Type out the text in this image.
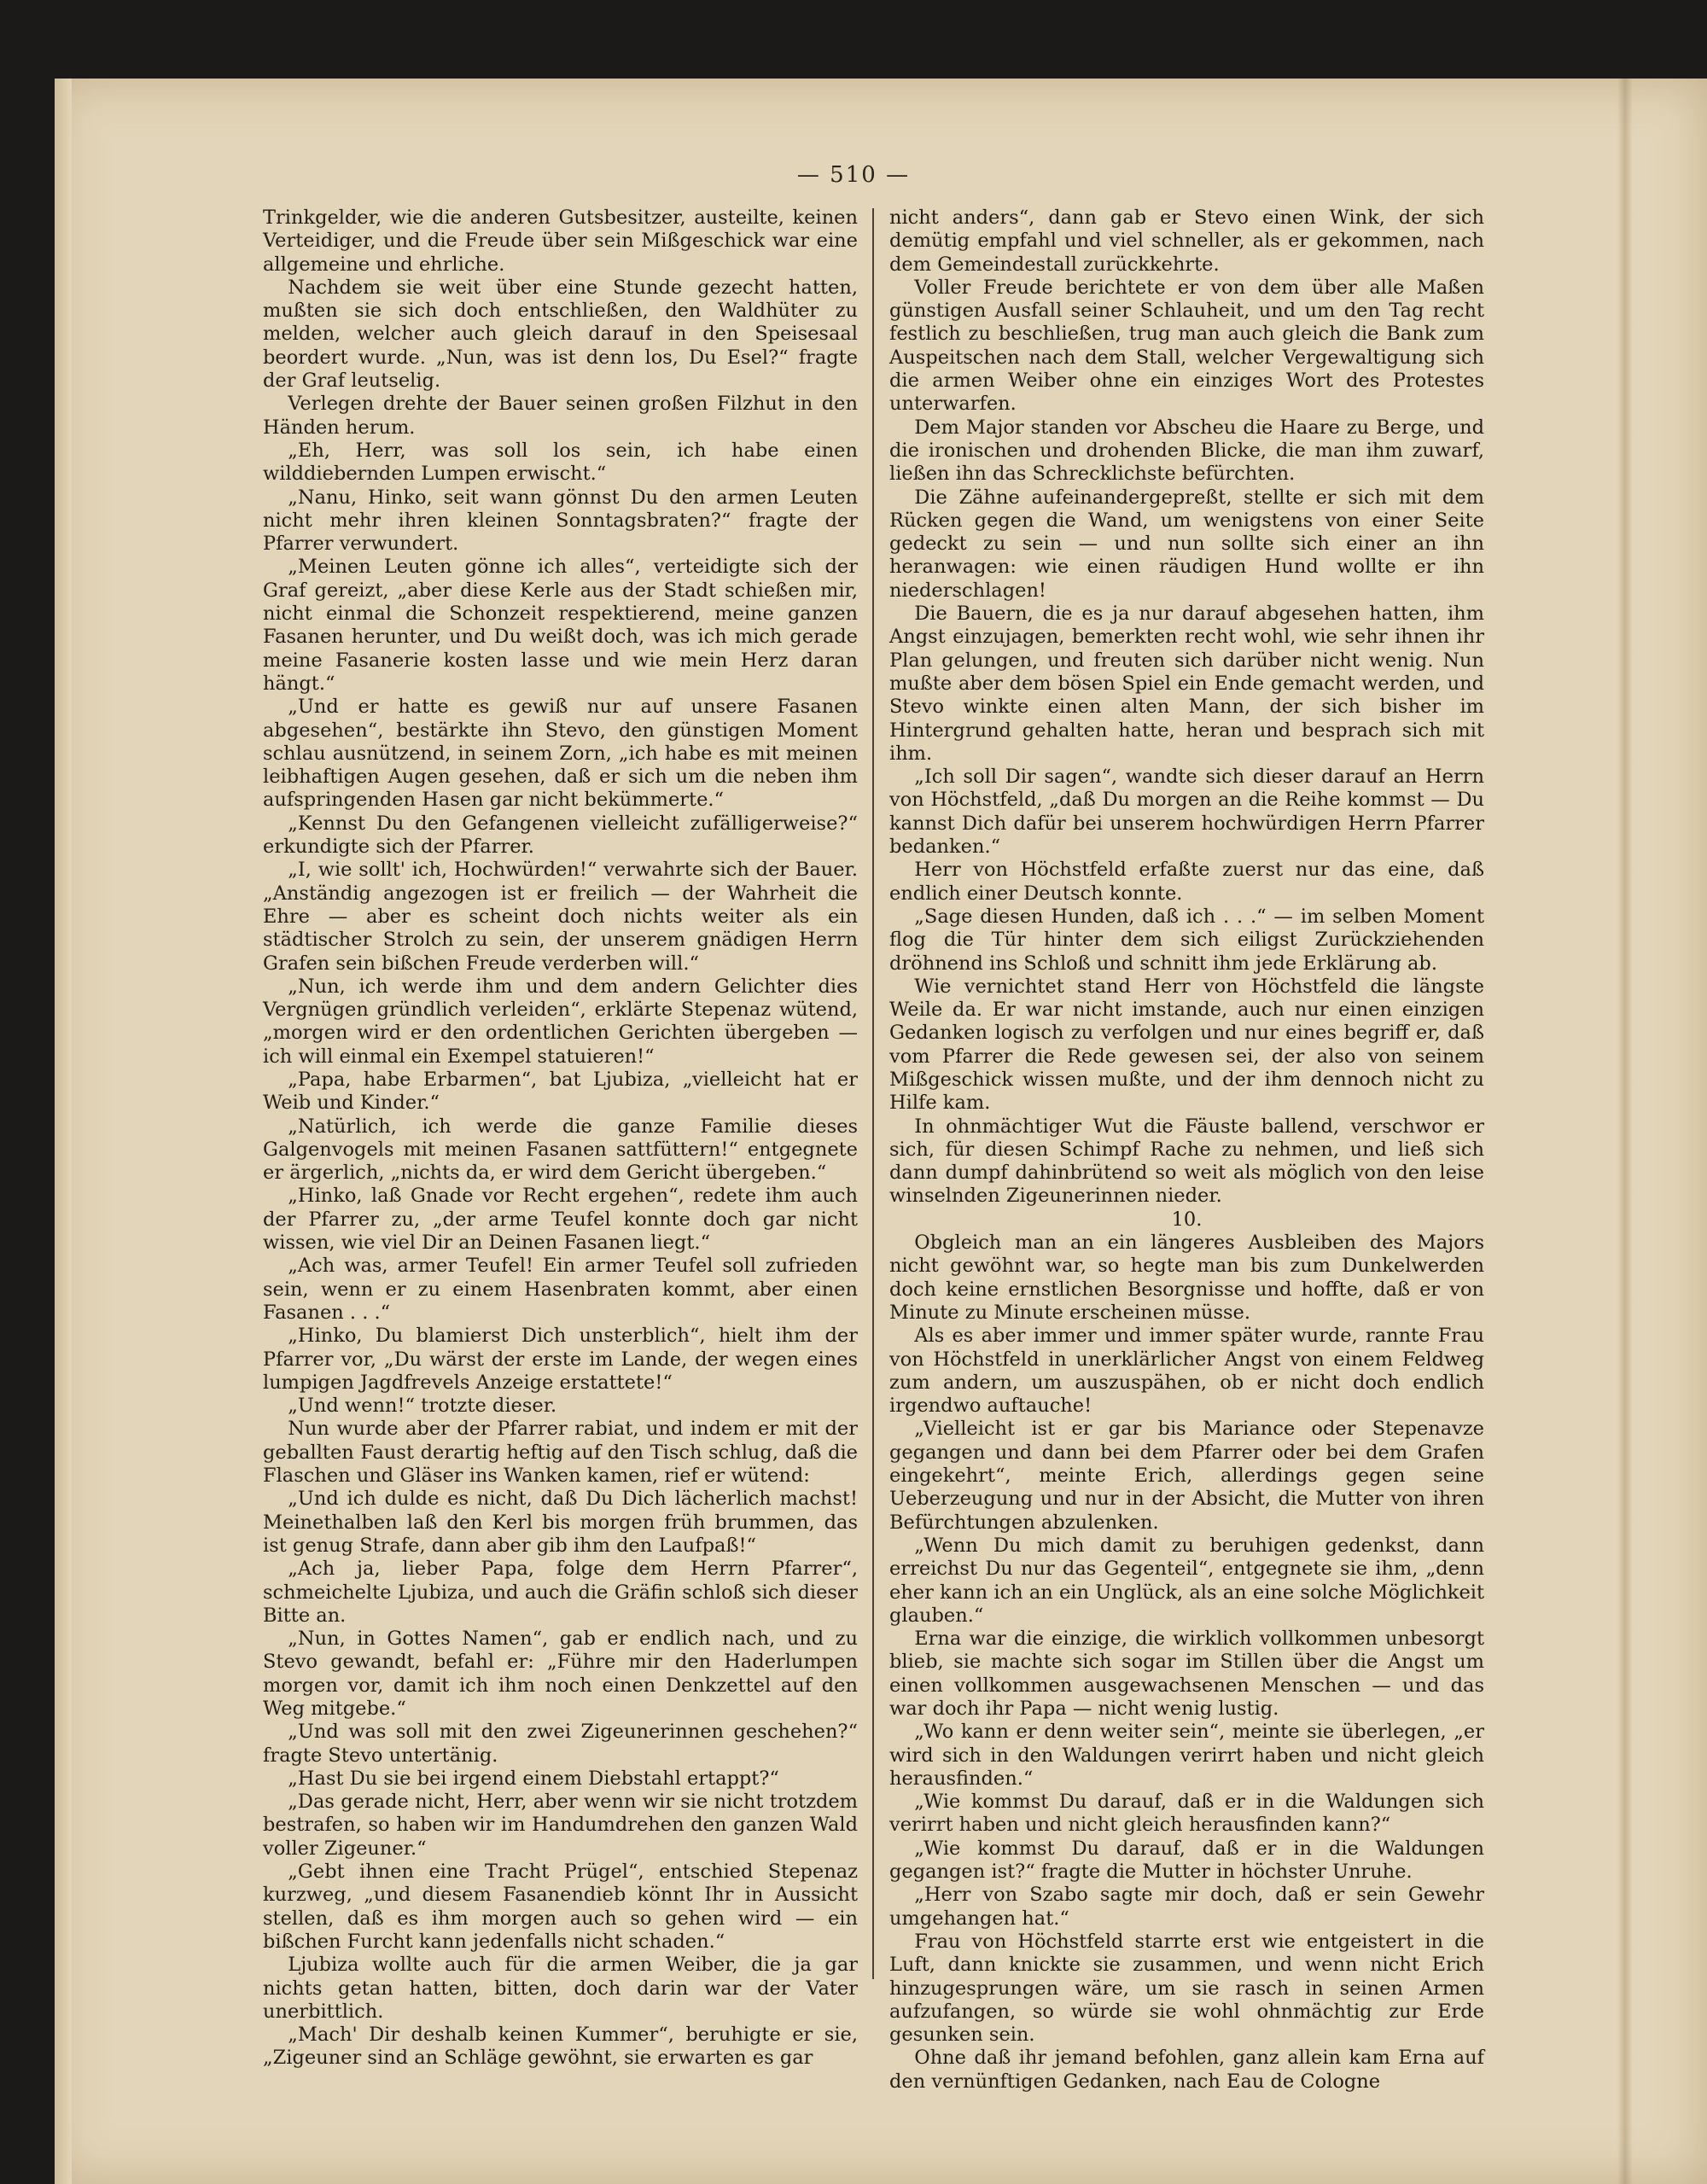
— 510 —

Trinkgelder, wie die anderen Gutsbesitzer, austeilte, keinen Verteidiger, und die Freude über sein Mißgeschick war eine allgemeine und ehrliche.

Nachdem sie weit über eine Stunde gezecht hatten, mußten sie sich doch entschließen, den Waldhüter zu melden, welcher auch gleich darauf in den Speisesaal beordert wurde. „Nun, was ist denn los, Du Esel?“ fragte der Graf leutselig.

Verlegen drehte der Bauer seinen großen Filzhut in den Händen herum.

„Eh, Herr, was soll los sein, ich habe einen wilddiebernden Lumpen erwischt.“

„Nanu, Hinko, seit wann gönnst Du den armen Leuten nicht mehr ihren kleinen Sonntagsbraten?“ fragte der Pfarrer verwundert.

„Meinen Leuten gönne ich alles“, verteidigte sich der Graf gereizt, „aber diese Kerle aus der Stadt schießen mir, nicht einmal die Schonzeit respektierend, meine ganzen Fasanen herunter, und Du weißt doch, was ich mich gerade meine Fasanerie kosten lasse und wie mein Herz daran hängt.“

„Und er hatte es gewiß nur auf unsere Fasanen abgesehen“, bestärkte ihn Stevo, den günstigen Moment schlau ausnützend, in seinem Zorn, „ich habe es mit meinen leibhaftigen Augen gesehen, daß er sich um die neben ihm aufspringenden Hasen gar nicht bekümmerte.“

„Kennst Du den Gefangenen vielleicht zufälligerweise?“ erkundigte sich der Pfarrer.

„I, wie sollt' ich, Hochwürden!“ verwahrte sich der Bauer. „Anständig angezogen ist er freilich — der Wahrheit die Ehre — aber es scheint doch nichts weiter als ein städtischer Strolch zu sein, der unserem gnädigen Herrn Grafen sein bißchen Freude verderben will.“

„Nun, ich werde ihm und dem andern Gelichter dies Vergnügen gründlich verleiden“, erklärte Stepenaz wütend, „morgen wird er den ordentlichen Gerichten übergeben — ich will einmal ein Exempel statuieren!“

„Papa, habe Erbarmen“, bat Ljubiza, „vielleicht hat er Weib und Kinder.“

„Natürlich, ich werde die ganze Familie dieses Galgenvogels mit meinen Fasanen sattfüttern!“ entgegnete er ärgerlich, „nichts da, er wird dem Gericht übergeben.“

„Hinko, laß Gnade vor Recht ergehen“, redete ihm auch der Pfarrer zu, „der arme Teufel konnte doch gar nicht wissen, wie viel Dir an Deinen Fasanen liegt.“

„Ach was, armer Teufel! Ein armer Teufel soll zufrieden sein, wenn er zu einem Hasenbraten kommt, aber einen Fasanen . . .“

„Hinko, Du blamierst Dich unsterblich“, hielt ihm der Pfarrer vor, „Du wärst der erste im Lande, der wegen eines lumpigen Jagdfrevels Anzeige erstattete!“

„Und wenn!“ trotzte dieser.

Nun wurde aber der Pfarrer rabiat, und indem er mit der geballten Faust derartig heftig auf den Tisch schlug, daß die Flaschen und Gläser ins Wanken kamen, rief er wütend:

„Und ich dulde es nicht, daß Du Dich lächerlich machst! Meinethalben laß den Kerl bis morgen früh brummen, das ist genug Strafe, dann aber gib ihm den Laufpaß!“

„Ach ja, lieber Papa, folge dem Herrn Pfarrer“, schmeichelte Ljubiza, und auch die Gräfin schloß sich dieser Bitte an.

„Nun, in Gottes Namen“, gab er endlich nach, und zu Stevo gewandt, befahl er: „Führe mir den Haderlumpen morgen vor, damit ich ihm noch einen Denkzettel auf den Weg mitgebe.“

„Und was soll mit den zwei Zigeunerinnen geschehen?“ fragte Stevo untertänig.

„Hast Du sie bei irgend einem Diebstahl ertappt?“

„Das gerade nicht, Herr, aber wenn wir sie nicht trotzdem bestrafen, so haben wir im Handumdrehen den ganzen Wald voller Zigeuner.“

„Gebt ihnen eine Tracht Prügel“, entschied Stepenaz kurzweg, „und diesem Fasanendieb könnt Ihr in Aussicht stellen, daß es ihm morgen auch so gehen wird — ein bißchen Furcht kann jedenfalls nicht schaden.“

Ljubiza wollte auch für die armen Weiber, die ja gar nichts getan hatten, bitten, doch darin war der Vater unerbittlich.

„Mach' Dir deshalb keinen Kummer“, beruhigte er sie, „Zigeuner sind an Schläge gewöhnt, sie erwarten es gar

nicht anders“, dann gab er Stevo einen Wink, der sich demütig empfahl und viel schneller, als er gekommen, nach dem Gemeindestall zurückkehrte.

Voller Freude berichtete er von dem über alle Maßen günstigen Ausfall seiner Schlauheit, und um den Tag recht festlich zu beschließen, trug man auch gleich die Bank zum Auspeitschen nach dem Stall, welcher Vergewaltigung sich die armen Weiber ohne ein einziges Wort des Protestes unterwarfen.

Dem Major standen vor Abscheu die Haare zu Berge, und die ironischen und drohenden Blicke, die man ihm zuwarf, ließen ihn das Schrecklichste befürchten.

Die Zähne aufeinandergepreßt, stellte er sich mit dem Rücken gegen die Wand, um wenigstens von einer Seite gedeckt zu sein — und nun sollte sich einer an ihn heranwagen: wie einen räudigen Hund wollte er ihn niederschlagen!

Die Bauern, die es ja nur darauf abgesehen hatten, ihm Angst einzujagen, bemerkten recht wohl, wie sehr ihnen ihr Plan gelungen, und freuten sich darüber nicht wenig. Nun mußte aber dem bösen Spiel ein Ende gemacht werden, und Stevo winkte einen alten Mann, der sich bisher im Hintergrund gehalten hatte, heran und besprach sich mit ihm.

„Ich soll Dir sagen“, wandte sich dieser darauf an Herrn von Höchstfeld, „daß Du morgen an die Reihe kommst — Du kannst Dich dafür bei unserem hochwürdigen Herrn Pfarrer bedanken.“

Herr von Höchstfeld erfaßte zuerst nur das eine, daß endlich einer Deutsch konnte.

„Sage diesen Hunden, daß ich . . .“ — im selben Moment flog die Tür hinter dem sich eiligst Zurückziehenden dröhnend ins Schloß und schnitt ihm jede Erklärung ab.

Wie vernichtet stand Herr von Höchstfeld die längste Weile da. Er war nicht imstande, auch nur einen einzigen Gedanken logisch zu verfolgen und nur eines begriff er, daß vom Pfarrer die Rede gewesen sei, der also von seinem Mißgeschick wissen mußte, und der ihm dennoch nicht zu Hilfe kam.

In ohnmächtiger Wut die Fäuste ballend, verschwor er sich, für diesen Schimpf Rache zu nehmen, und ließ sich dann dumpf dahinbrütend so weit als möglich von den leise winselnden Zigeunerinnen nieder.

10.

Obgleich man an ein längeres Ausbleiben des Majors nicht gewöhnt war, so hegte man bis zum Dunkelwerden doch keine ernstlichen Besorgnisse und hoffte, daß er von Minute zu Minute erscheinen müsse.

Als es aber immer und immer später wurde, rannte Frau von Höchstfeld in unerklärlicher Angst von einem Feldweg zum andern, um auszuspähen, ob er nicht doch endlich irgendwo auftauche!

„Vielleicht ist er gar bis Mariance oder Stepenavze gegangen und dann bei dem Pfarrer oder bei dem Grafen eingekehrt“, meinte Erich, allerdings gegen seine Ueberzeugung und nur in der Absicht, die Mutter von ihren Befürchtungen abzulenken.

„Wenn Du mich damit zu beruhigen gedenkst, dann erreichst Du nur das Gegenteil“, entgegnete sie ihm, „denn eher kann ich an ein Unglück, als an eine solche Möglichkeit glauben.“

Erna war die einzige, die wirklich vollkommen unbesorgt blieb, sie machte sich sogar im Stillen über die Angst um einen vollkommen ausgewachsenen Menschen — und das war doch ihr Papa — nicht wenig lustig.

„Wo kann er denn weiter sein“, meinte sie überlegen, „er wird sich in den Waldungen verirrt haben und nicht gleich herausfinden.“

„Wie kommst Du darauf, daß er in die Waldungen sich verirrt haben und nicht gleich herausfinden kann?“

„Wie kommst Du darauf, daß er in die Waldungen gegangen ist?“ fragte die Mutter in höchster Unruhe.

„Herr von Szabo sagte mir doch, daß er sein Gewehr umgehangen hat.“

Frau von Höchstfeld starrte erst wie entgeistert in die Luft, dann knickte sie zusammen, und wenn nicht Erich hinzugesprungen wäre, um sie rasch in seinen Armen aufzufangen, so würde sie wohl ohnmächtig zur Erde gesunken sein.

Ohne daß ihr jemand befohlen, ganz allein kam Erna auf den vernünftigen Gedanken, nach Eau de Cologne
